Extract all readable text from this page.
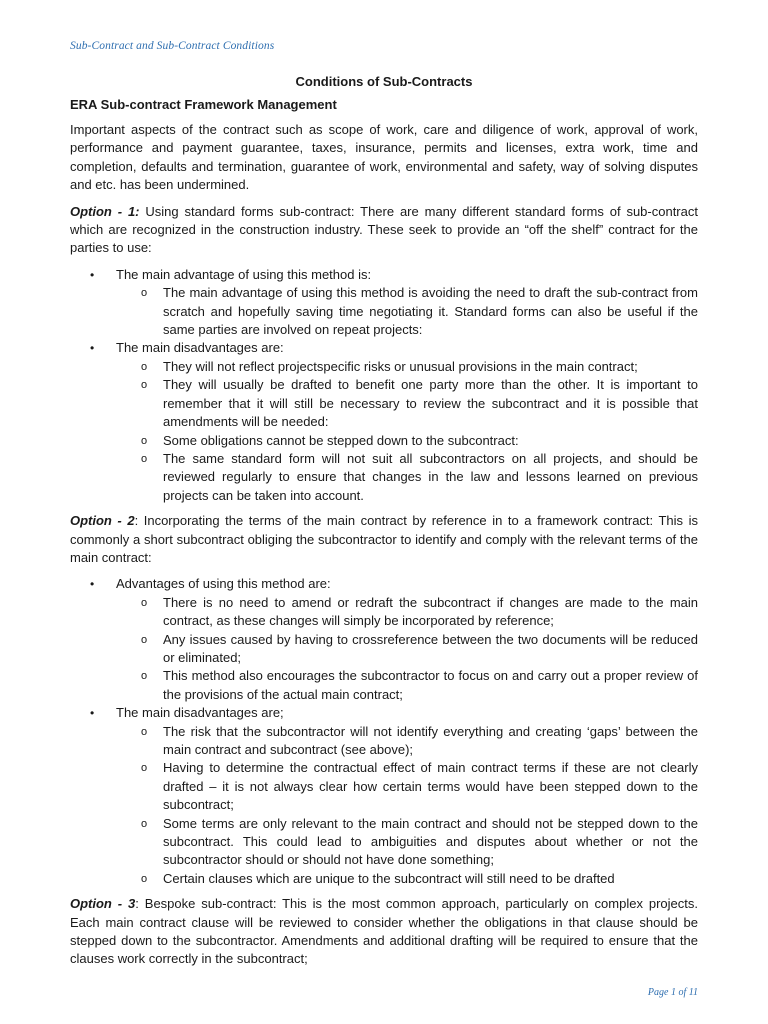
Sub-Contract and Sub-Contract Conditions

Conditions of Sub-Contracts

ERA Sub-contract Framework Management

Important aspects of the contract such as scope of work, care and diligence of work, approval of work, performance and payment guarantee, taxes, insurance, permits and licenses, extra work, time and completion, defaults and termination, guarantee of work, environmental and safety, way of solving disputes and etc. has been undermined.

Option - 1: Using standard forms sub-contract: There are many different standard forms of sub-contract which are recognized in the construction industry. These seek to provide an “off the shelf” contract for the parties to use:

• The main advantage of using this method is:
o The main advantage of using this method is avoiding the need to draft the sub-contract from scratch and hopefully saving time negotiating it. Standard forms can also be useful if the same parties are involved on repeat projects:
• The main disadvantages are:
o They will not reflect projectspecific risks or unusual provisions in the main contract;
o They will usually be drafted to benefit one party more than the other. It is important to remember that it will still be necessary to review the subcontract and it is possible that amendments will be needed:
o Some obligations cannot be stepped down to the subcontract:
o The same standard form will not suit all subcontractors on all projects, and should be reviewed regularly to ensure that changes in the law and lessons learned on previous projects can be taken into account.

Option - 2: Incorporating the terms of the main contract by reference in to a framework contract: This is commonly a short subcontract obliging the subcontractor to identify and comply with the relevant terms of the main contract:

• Advantages of using this method are:
o There is no need to amend or redraft the subcontract if changes are made to the main contract, as these changes will simply be incorporated by reference;
o Any issues caused by having to crossreference between the two documents will be reduced or eliminated;
o This method also encourages the subcontractor to focus on and carry out a proper review of the provisions of the actual main contract;
• The main disadvantages are;
o The risk that the subcontractor will not identify everything and creating ‘gaps’ between the main contract and subcontract (see above);
o Having to determine the contractual effect of main contract terms if these are not clearly drafted – it is not always clear how certain terms would have been stepped down to the subcontract;
o Some terms are only relevant to the main contract and should not be stepped down to the subcontract. This could lead to ambiguities and disputes about whether or not the subcontractor should or should not have done something;
o Certain clauses which are unique to the subcontract will still need to be drafted

Option - 3: Bespoke sub-contract: This is the most common approach, particularly on complex projects. Each main contract clause will be reviewed to consider whether the obligations in that clause should be stepped down to the subcontractor. Amendments and additional drafting will be required to ensure that the clauses work correctly in the subcontract;

Page 1 of 11
